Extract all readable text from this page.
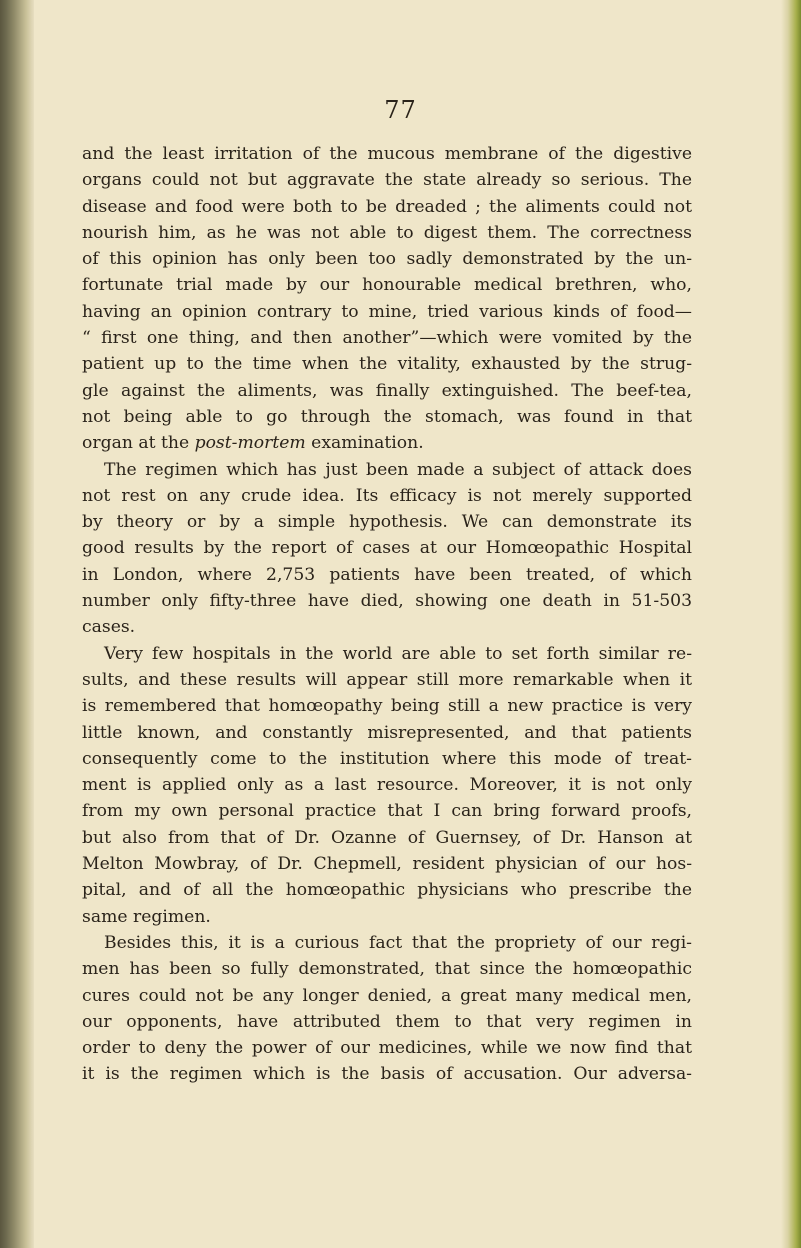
77
and the least irritation of the mucous membrane of the digestive
organs could not but aggravate the state already so serious. The
disease and food were both to be dreaded ; the aliments could not
nourish him, as he was not able to digest them. The correctness
of this opinion has only been too sadly demonstrated by the un-
fortunate trial made by our honourable medical brethren, who,
having an opinion contrary to mine, tried various kinds of food—
“ first one thing, and then another”—which were vomited by the
patient up to the time when the vitality, exhausted by the strug-
gle against the aliments, was finally extinguished. The beef-tea,
not being able to go through the stomach, was found in that
organ at the post-mortem examination.
The regimen which has just been made a subject of attack does
not rest on any crude idea. Its efficacy is not merely supported
by theory or by a simple hypothesis. We can demonstrate its
good results by the report of cases at our Homœopathic Hospital
in London, where 2,753 patients have been treated, of which
number only fifty-three have died, showing one death in 51-503
cases.
Very few hospitals in the world are able to set forth similar re-
sults, and these results will appear still more remarkable when it
is remembered that homœopathy being still a new practice is very
little known, and constantly misrepresented, and that patients
consequently come to the institution where this mode of treat-
ment is applied only as a last resource. Moreover, it is not only
from my own personal practice that I can bring forward proofs,
but also from that of Dr. Ozanne of Guernsey, of Dr. Hanson at
Melton Mowbray, of Dr. Chepmell, resident physician of our hos-
pital, and of all the homœopathic physicians who prescribe the
same regimen.
Besides this, it is a curious fact that the propriety of our regi-
men has been so fully demonstrated, that since the homœopathic
cures could not be any longer denied, a great many medical men,
our opponents, have attributed them to that very regimen in
order to deny the power of our medicines, while we now find that
it is the regimen which is the basis of accusation. Our adversa-
